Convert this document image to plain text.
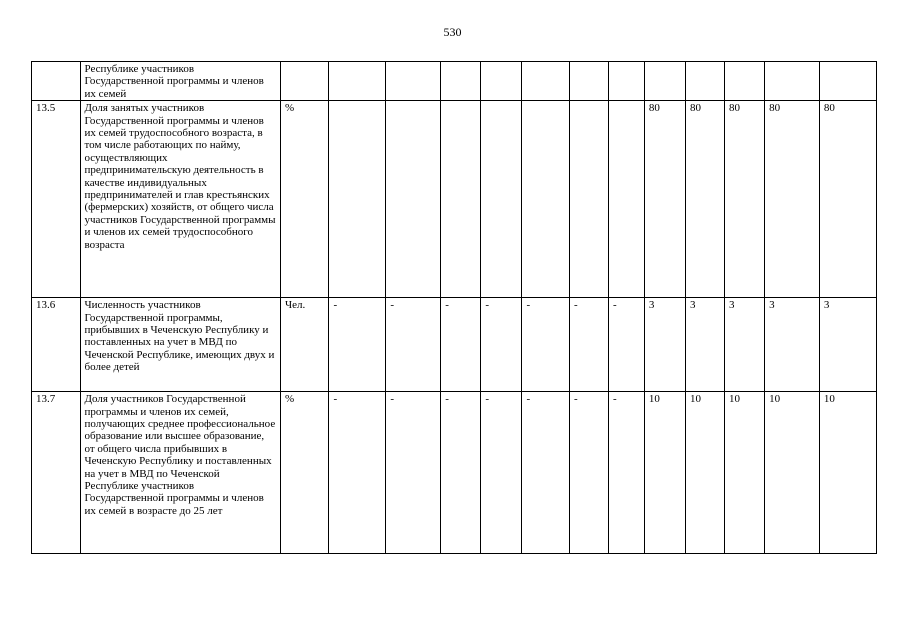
530
	Республике участников Государственной программы и членов их семей													
13.5	Доля занятых участников Государственной программы и членов их семей трудоспособного возраста, в том числе работающих по найму, осуществляющих предпринимательскую деятельность в качестве индивидуальных предпринимателей и глав крестьянских (фермерских) хозяйств, от общего числа участников Государственной программы и членов их семей трудоспособного возраста	%								80	80	80	80	80
13.6	Численность участников Государственной программы, прибывших в Чеченскую Республику и поставленных на учет в МВД по Чеченской Республике, имеющих двух и более детей	Чел.	-	-	-	-	-	-	-	3	3	3	3	3
13.7	Доля участников Государственной программы и членов их семей, получающих среднее профессиональное образование или высшее образование, от общего числа прибывших в Чеченскую Республику и поставленных на учет в МВД по Чеченской Республике участников Государственной программы и членов их семей в возрасте до 25 лет	%	-	-	-	-	-	-	-	10	10	10	10	10
